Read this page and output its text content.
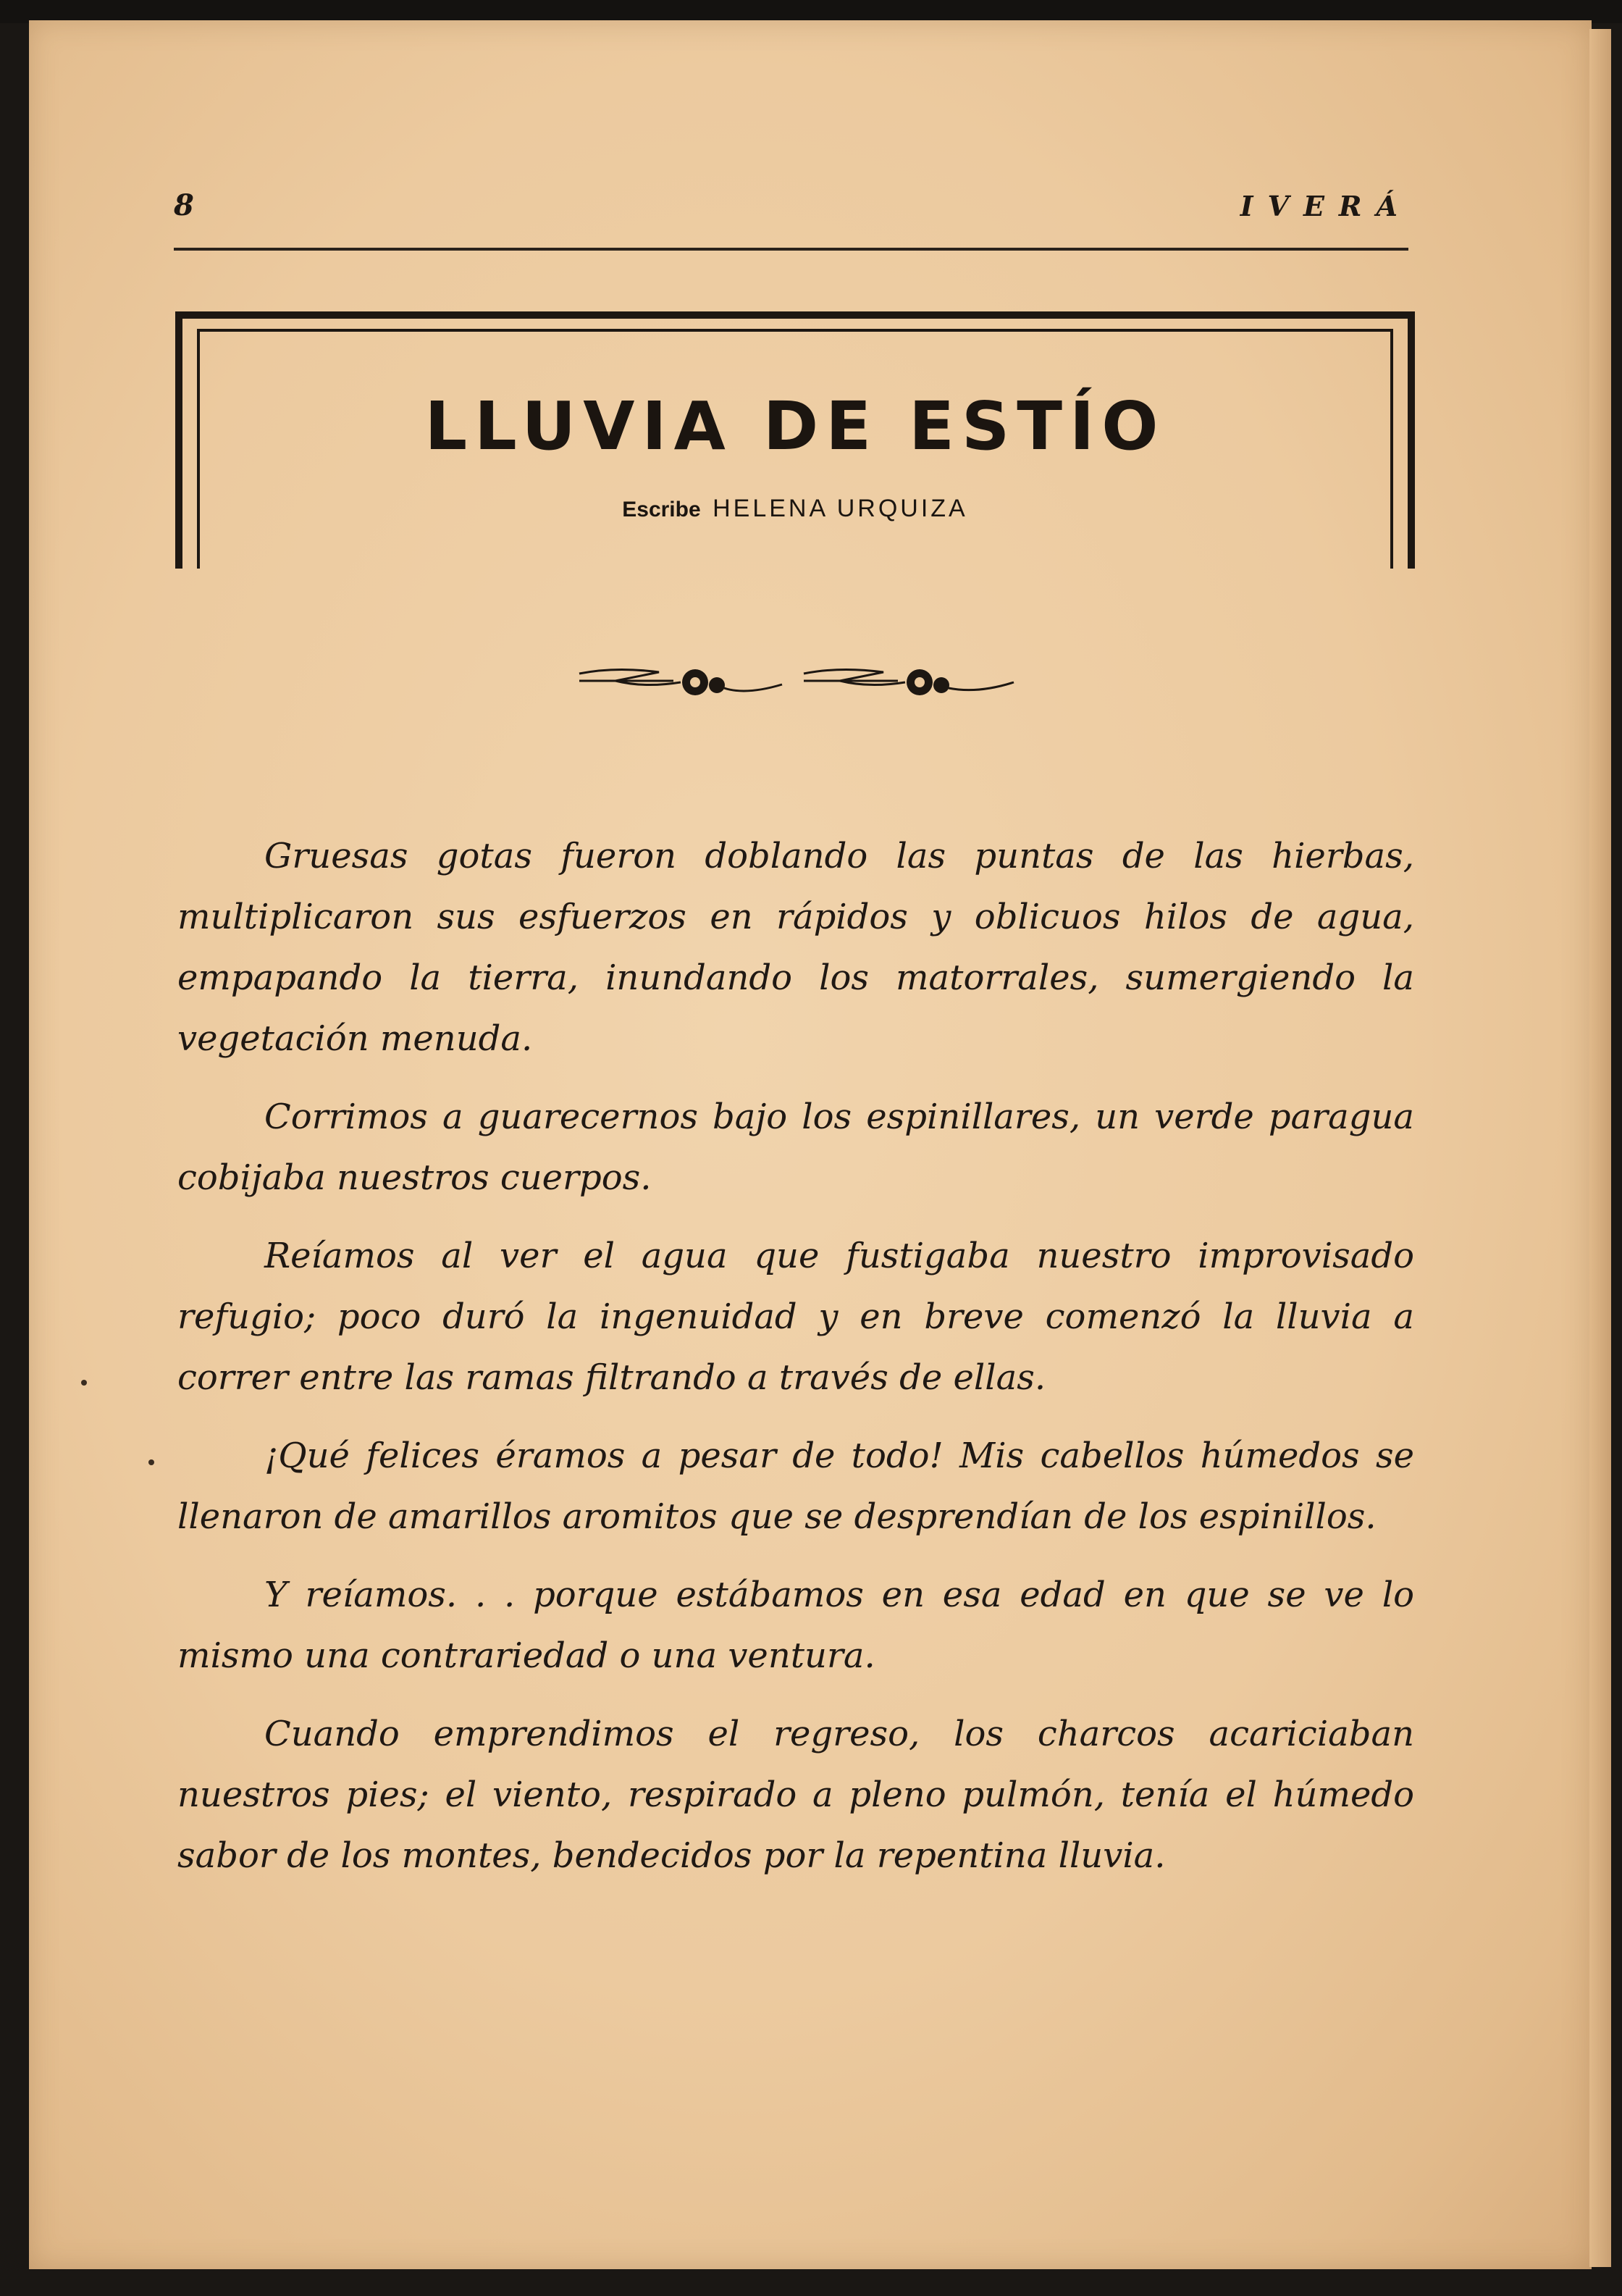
8	IVERÁ
LLUVIA DE ESTÍO
Escribe HELENA URQUIZA

Gruesas gotas fueron doblando las puntas de las hierbas, multiplicaron sus esfuerzos en rápidos y oblicuos hilos de agua, empapando la tierra, inundando los matorrales, sumergiendo la vegetación menuda.

Corrimos a guarecernos bajo los espinillares, un verde paragua cobijaba nuestros cuerpos.

Reíamos al ver el agua que fustigaba nuestro improvisado refugio; poco duró la ingenuidad y en breve comenzó la lluvia a correr entre las ramas filtrando a través de ellas.

¡Qué felices éramos a pesar de todo! Mis cabellos húmedos se llenaron de amarillos aromitos que se desprendían de los espinillos.

Y reíamos. . . porque estábamos en esa edad en que se ve lo mismo una contrariedad o una ventura.

Cuando emprendimos el regreso, los charcos acariciaban nuestros pies; el viento, respirado a pleno pulmón, tenía el húmedo sabor de los montes, bendecidos por la repentina lluvia.
